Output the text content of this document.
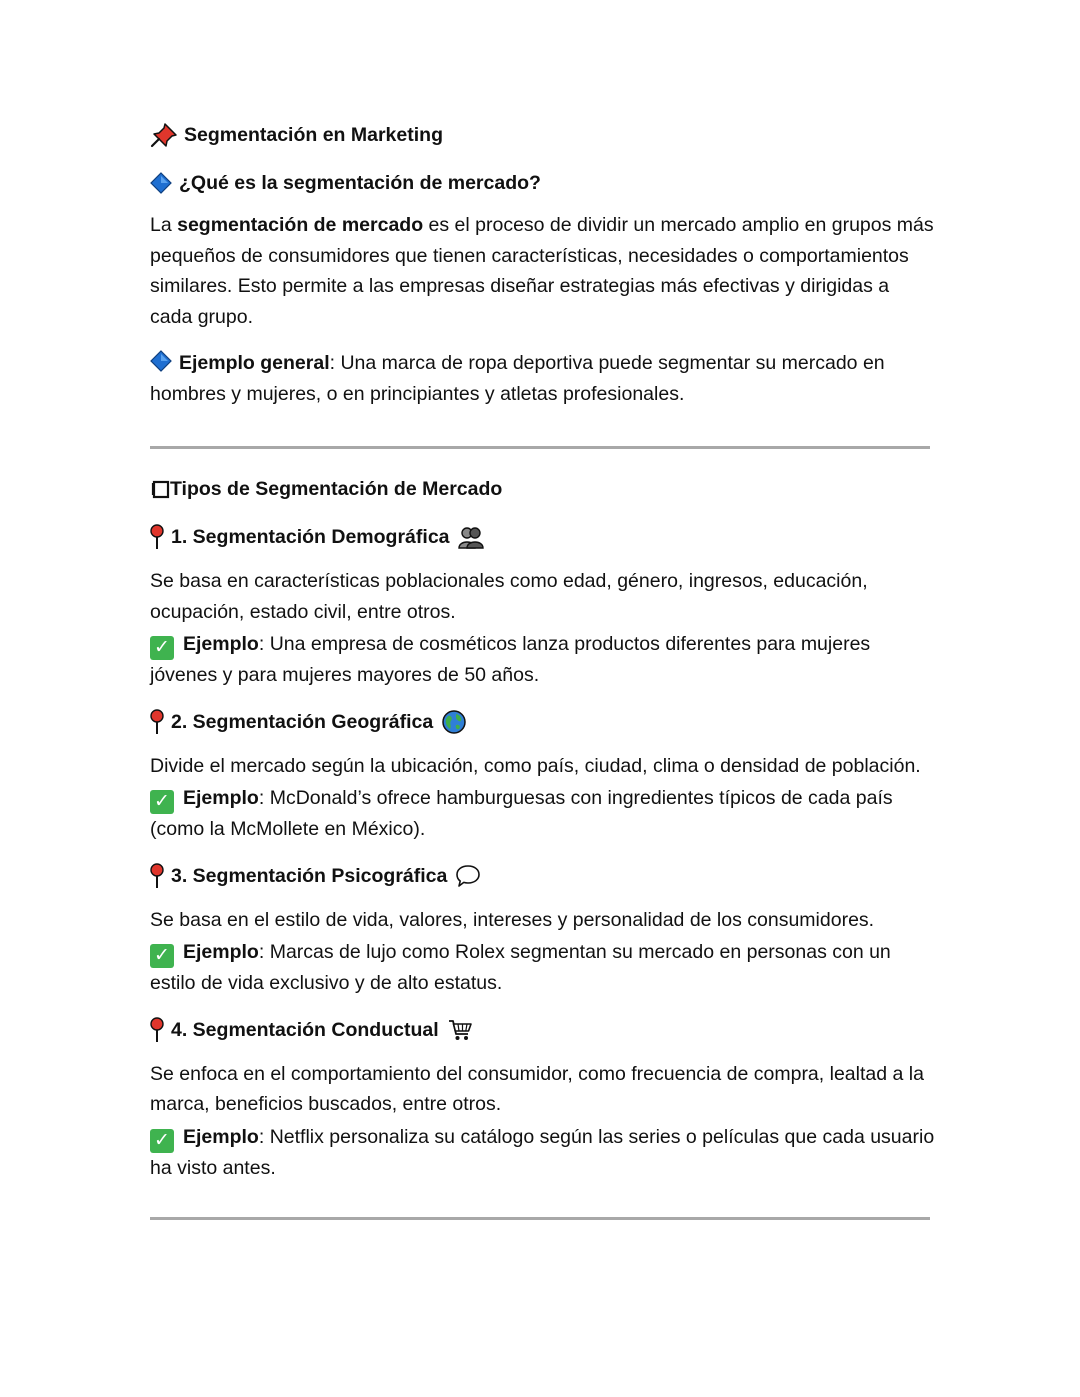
Segmentación en Marketing
¿Qué es la segmentación de mercado?

La segmentación de mercado es el proceso de dividir un mercado amplio en grupos más pequeños de consumidores que tienen características, necesidades o comportamientos similares. Esto permite a las empresas diseñar estrategias más efectivas y dirigidas a cada grupo.

Ejemplo general: Una marca de ropa deportiva puede segmentar su mercado en hombres y mujeres, o en principiantes y atletas profesionales.

Tipos de Segmentación de Mercado
1. Segmentación Demográfica

Se basa en características poblacionales como edad, género, ingresos, educación, ocupación, estado civil, entre otros.

✓ Ejemplo: Una empresa de cosméticos lanza productos diferentes para mujeres jóvenes y para mujeres mayores de 50 años.

2. Segmentación Geográfica

Divide el mercado según la ubicación, como país, ciudad, clima o densidad de población.

✓ Ejemplo: McDonald’s ofrece hamburguesas con ingredientes típicos de cada país (como la McMollete en México).

3. Segmentación Psicográfica

Se basa en el estilo de vida, valores, intereses y personalidad de los consumidores.

✓ Ejemplo: Marcas de lujo como Rolex segmentan su mercado en personas con un estilo de vida exclusivo y de alto estatus.

4. Segmentación Conductual

Se enfoca en el comportamiento del consumidor, como frecuencia de compra, lealtad a la marca, beneficios buscados, entre otros.

✓ Ejemplo: Netflix personaliza su catálogo según las series o películas que cada usuario ha visto antes.
